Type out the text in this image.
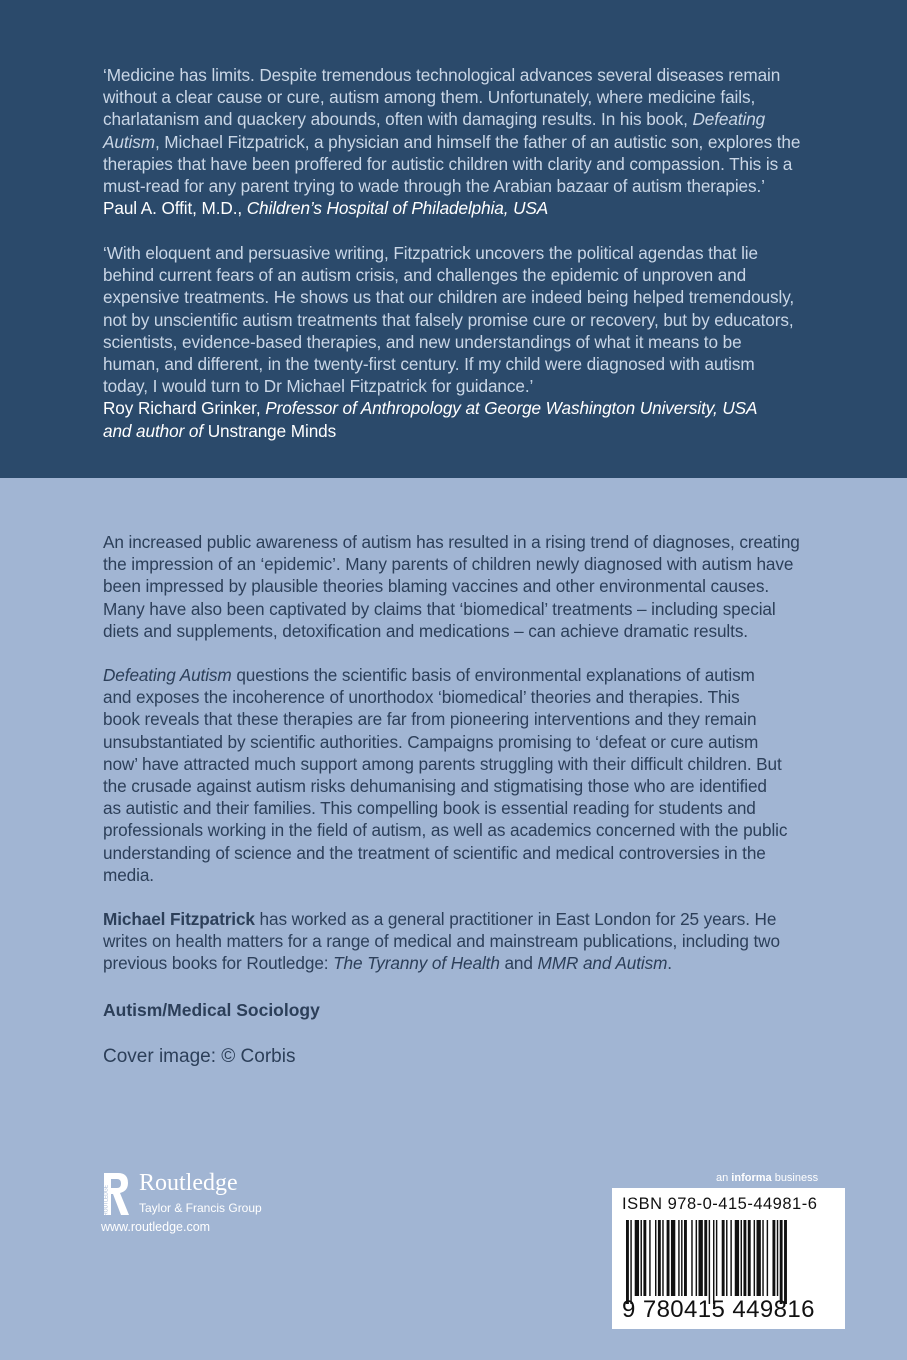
‘Medicine has limits. Despite tremendous technological advances several diseases remain
without a clear cause or cure, autism among them. Unfortunately, where medicine fails,
charlatanism and quackery abounds, often with damaging results. In his book, Defeating
Autism, Michael Fitzpatrick, a physician and himself the father of an autistic son, explores the
therapies that have been proffered for autistic children with clarity and compassion. This is a
must-read for any parent trying to wade through the Arabian bazaar of autism therapies.’
Paul A. Offit, M.D., Children’s Hospital of Philadelphia, USA
‘With eloquent and persuasive writing, Fitzpatrick uncovers the political agendas that lie
behind current fears of an autism crisis, and challenges the epidemic of unproven and
expensive treatments. He shows us that our children are indeed being helped tremendously,
not by unscientific autism treatments that falsely promise cure or recovery, but by educators,
scientists, evidence-based therapies, and new understandings of what it means to be
human, and different, in the twenty-first century. If my child were diagnosed with autism
today, I would turn to Dr Michael Fitzpatrick for guidance.’
Roy Richard Grinker, Professor of Anthropology at George Washington University, USA
and author of Unstrange Minds
An increased public awareness of autism has resulted in a rising trend of diagnoses, creating
the impression of an ‘epidemic’. Many parents of children newly diagnosed with autism have
been impressed by plausible theories blaming vaccines and other environmental causes.
Many have also been captivated by claims that ‘biomedical’ treatments – including special
diets and supplements, detoxification and medications – can achieve dramatic results.
Defeating Autism questions the scientific basis of environmental explanations of autism
and exposes the incoherence of unorthodox ‘biomedical’ theories and therapies. This
book reveals that these therapies are far from pioneering interventions and they remain
unsubstantiated by scientific authorities. Campaigns promising to ‘defeat or cure autism
now’ have attracted much support among parents struggling with their difficult children. But
the crusade against autism risks dehumanising and stigmatising those who are identified
as autistic and their families. This compelling book is essential reading for students and
professionals working in the field of autism, as well as academics concerned with the public
understanding of science and the treatment of scientific and medical controversies in the
media.
Michael Fitzpatrick has worked as a general practitioner in East London for 25 years. He
writes on health matters for a range of medical and mainstream publications, including two
previous books for Routledge: The Tyranny of Health and MMR and Autism.
Autism/Medical Sociology
Cover image: © Corbis
ROUTLEDGE
Routledge
Taylor & Francis Group
www.routledge.com
an informa business
ISBN 978-0-415-44981-6
9 780415 449816
